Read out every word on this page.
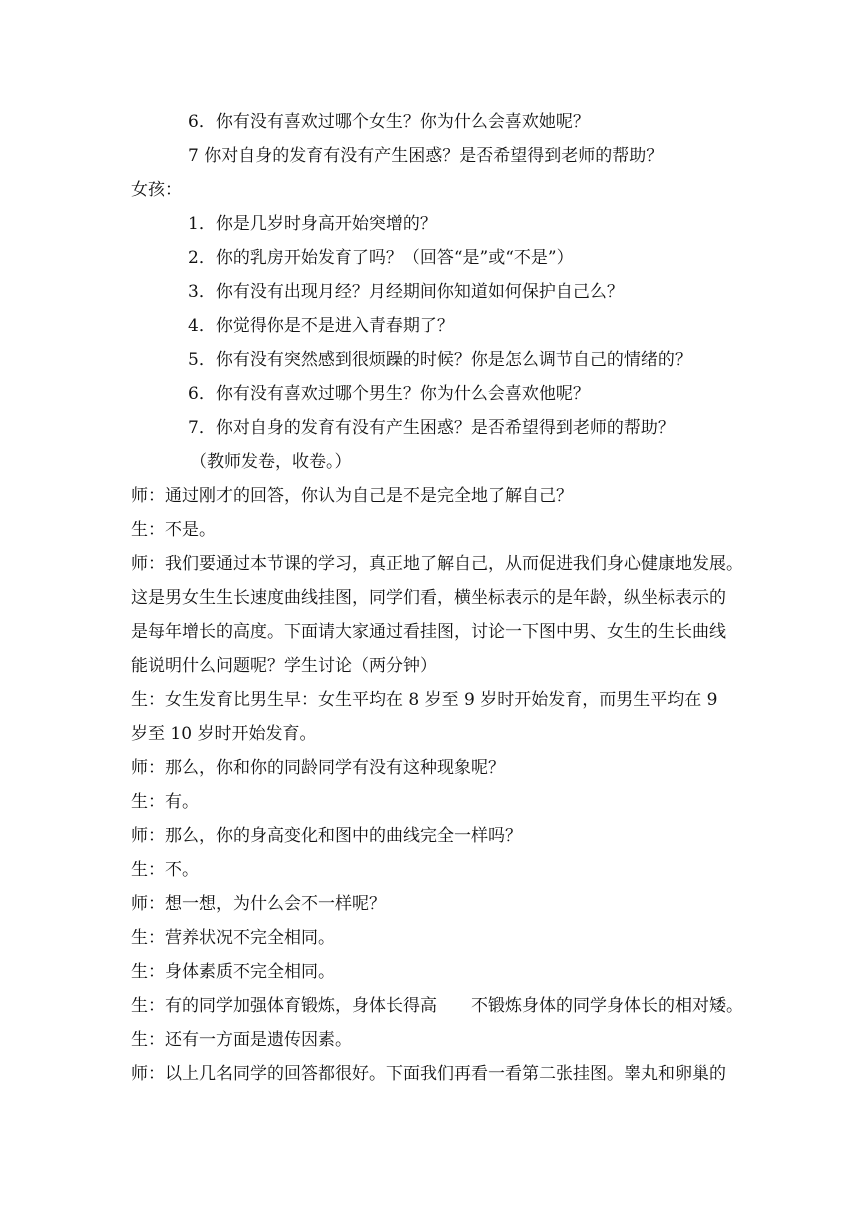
6．你有没有喜欢过哪个女生？你为什么会喜欢她呢？
7 你对自身的发育有没有产生困惑？是否希望得到老师的帮助？
女孩：
1．你是几岁时身高开始突增的？
2．你的乳房开始发育了吗？（回答“是”或“不是”）
3．你有没有出现月经？月经期间你知道如何保护自己么？
4．你觉得你是不是进入青春期了？
5．你有没有突然感到很烦躁的时候？你是怎么调节自己的情绪的？
6．你有没有喜欢过哪个男生？你为什么会喜欢他呢？
7．你对自身的发育有没有产生困惑？是否希望得到老师的帮助？
（教师发卷，收卷。）
师：通过刚才的回答，你认为自己是不是完全地了解自己？
生：不是。
师：我们要通过本节课的学习，真正地了解自己，从而促进我们身心健康地发展。
这是男女生生长速度曲线挂图，同学们看，横坐标表示的是年龄，纵坐标表示的
是每年增长的高度。下面请大家通过看挂图，讨论一下图中男、女生的生长曲线
能说明什么问题呢？学生讨论（两分钟）
生：女生发育比男生早：女生平均在 8 岁至 9 岁时开始发育，而男生平均在 9
岁至 10 岁时开始发育。
师：那么，你和你的同龄同学有没有这种现象呢？
生：有。
师：那么，你的身高变化和图中的曲线完全一样吗？
生：不。
师：想一想，为什么会不一样呢？
生：营养状况不完全相同。
生：身体素质不完全相同。
生：有的同学加强体育锻炼，身体长得高　　不锻炼身体的同学身体长的相对矮。
生：还有一方面是遗传因素。
师：以上几名同学的回答都很好。下面我们再看一看第二张挂图。睾丸和卵巢的
